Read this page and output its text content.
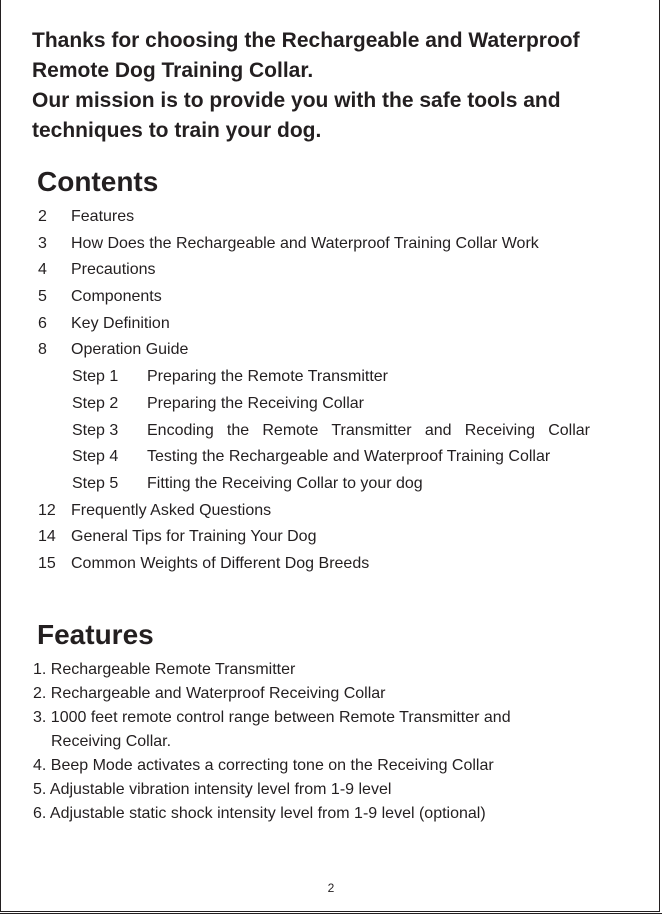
Thanks for choosing the Rechargeable and Waterproof

Remote Dog Training Collar.

Our mission is to provide you with the safe tools and

techniques to train your dog.

Contents
2 Features
3 How Does the Rechargeable and Waterproof Training Collar Work
4 Precautions
5 Components
6 Key Definition
8 Operation Guide
Step 1 Preparing the Remote Transmitter
Step 2 Preparing the Receiving Collar
Step 3 Encoding the Remote Transmitter and Receiving Collar
Step 4 Testing the Rechargeable and Waterproof Training Collar
Step 5 Fitting the Receiving Collar to your dog
12 Frequently Asked Questions
14 General Tips for Training Your Dog
15 Common Weights of Different Dog Breeds
Features
1. Rechargeable Remote Transmitter
2. Rechargeable and Waterproof Receiving Collar
3. 1000 feet remote control range between Remote Transmitter and
Receiving Collar.
4. Beep Mode activates a correcting tone on the Receiving Collar
5. Adjustable vibration intensity level from 1-9 level
6. Adjustable static shock intensity level from 1-9 level (optional)
2
